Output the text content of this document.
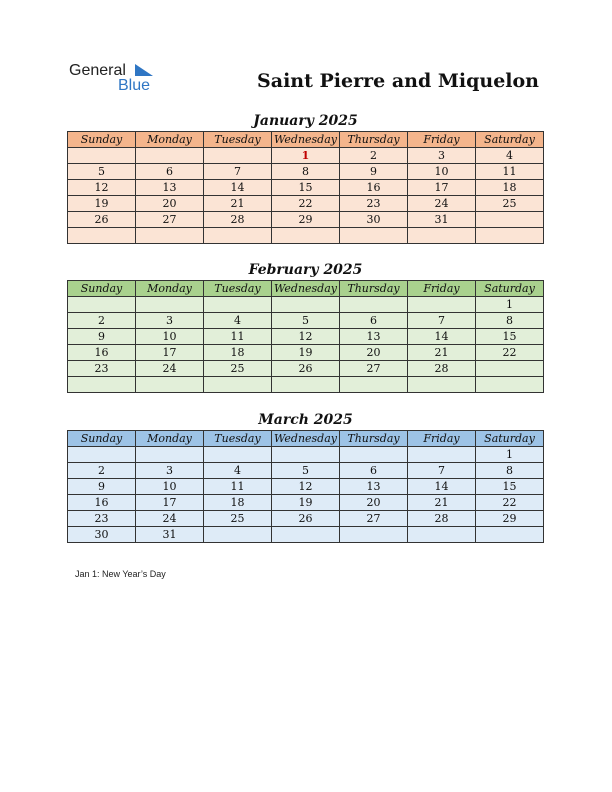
General
Blue	Saint Pierre and Miquelon
January 2025
Sunday	Monday	Tuesday	Wednesday	Thursday	Friday	Saturday
			1	2	3	4
5	6	7	8	9	10	11
12	13	14	15	16	17	18
19	20	21	22	23	24	25
26	27	28	29	30	31	

February 2025
Sunday	Monday	Tuesday	Wednesday	Thursday	Friday	Saturday
						1
2	3	4	5	6	7	8
9	10	11	12	13	14	15
16	17	18	19	20	21	22
23	24	25	26	27	28	

March 2025
Sunday	Monday	Tuesday	Wednesday	Thursday	Friday	Saturday
						1
2	3	4	5	6	7	8
9	10	11	12	13	14	15
16	17	18	19	20	21	22
23	24	25	26	27	28	29
30	31					
Jan 1: New Year’s Day
